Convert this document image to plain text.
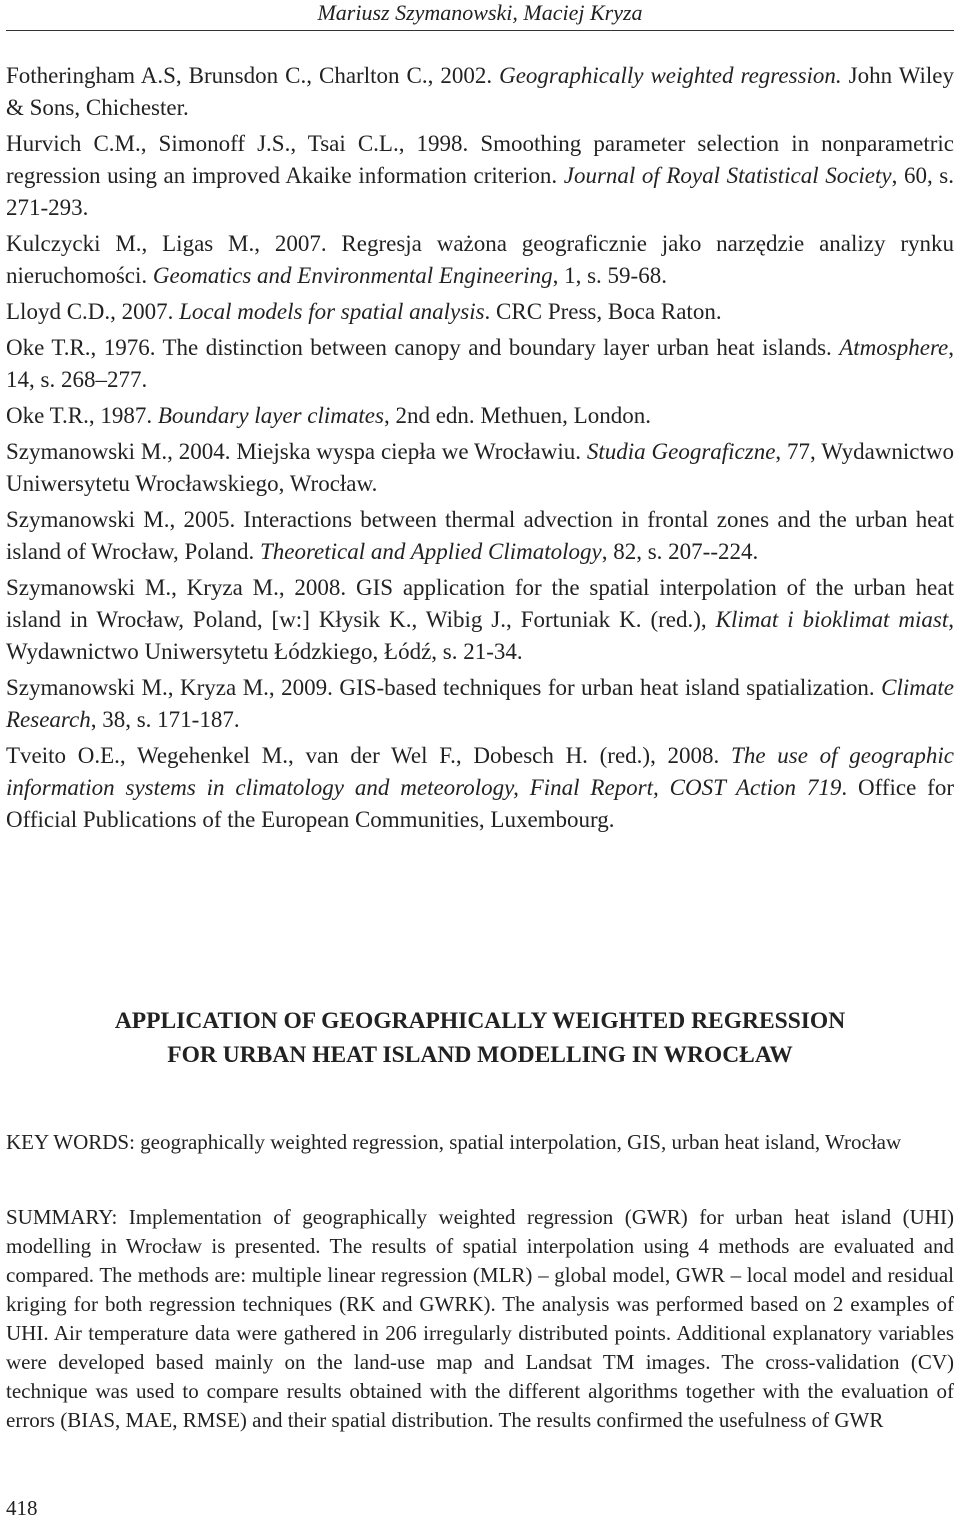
Mariusz Szymanowski, Maciej Kryza

Fotheringham A.S, Brunsdon C., Charlton C., 2002. Geographically weighted regression. John Wiley & Sons, Chichester.

Hurvich C.M., Simonoff J.S., Tsai C.L., 1998. Smoothing parameter selection in nonparametric regression using an improved Akaike information criterion. Journal of Royal Statistical Society, 60, s. 271-293.

Kulczycki M., Ligas M., 2007. Regresja ważona geograficznie jako narzędzie analizy rynku nieruchomości. Geomatics and Environmental Engineering, 1, s. 59-68.

Lloyd C.D., 2007. Local models for spatial analysis. CRC Press, Boca Raton.

Oke T.R., 1976. The distinction between canopy and boundary layer urban heat islands. Atmosphere, 14, s. 268–277.

Oke T.R., 1987. Boundary layer climates, 2nd edn. Methuen, London.

Szymanowski M., 2004. Miejska wyspa ciepła we Wrocławiu. Studia Geograficzne, 77, Wydawnictwo Uniwersytetu Wrocławskiego, Wrocław.

Szymanowski M., 2005. Interactions between thermal advection in frontal zones and the urban heat island of Wrocław, Poland. Theoretical and Applied Climatology, 82, s. 207--224.

Szymanowski M., Kryza M., 2008. GIS application for the spatial interpolation of the urban heat island in Wrocław, Poland, [w:] Kłysik K., Wibig J., Fortuniak K. (red.), Klimat i bioklimat miast, Wydawnictwo Uniwersytetu Łódzkiego, Łódź, s. 21-34.

Szymanowski M., Kryza M., 2009. GIS-based techniques for urban heat island spatialization. Climate Research, 38, s. 171-187.

Tveito O.E., Wegehenkel M., van der Wel F., Dobesch H. (red.), 2008. The use of geographic information systems in climatology and meteorology, Final Report, COST Action 719. Office for Official Publications of the European Communities, Luxembourg.

APPLICATION OF GEOGRAPHICALLY WEIGHTED REGRESSION
FOR URBAN HEAT ISLAND MODELLING IN WROCŁAW
KEY WORDS: geographically weighted regression, spatial interpolation, GIS, urban heat island, Wrocław
SUMMARY: Implementation of geographically weighted regression (GWR) for urban heat island (UHI) modelling in Wrocław is presented. The results of spatial interpolation using 4 methods are evaluated and compared. The methods are: multiple linear regression (MLR) – global model, GWR – local model and residual kriging for both regression techniques (RK and GWRK). The analysis was performed based on 2 examples of UHI. Air temperature data were gathered in 206 irregularly distributed points. Additional explanatory variables were developed based mainly on the land-use map and Landsat TM images. The cross-validation (CV) technique was used to compare results obtained with the different algorithms together with the evaluation of errors (BIAS, MAE, RMSE) and their spatial distribution. The results confirmed the usefulness of GWR
418
